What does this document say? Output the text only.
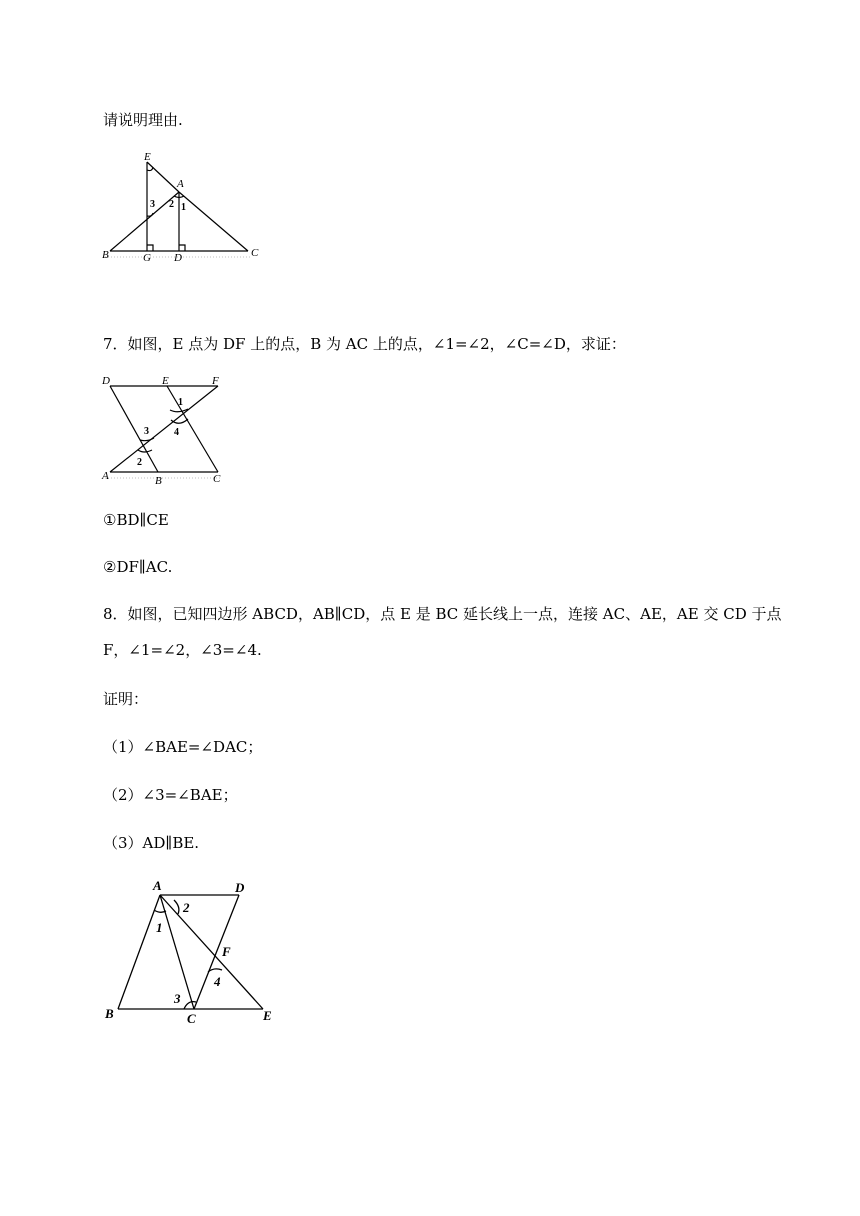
请说明理由.
E
A
B	G D	C
1
2
3
7．如图，E 点为 DF 上的点，B 为 AC 上的点，∠1=∠2，∠C=∠D，求证：
D	E	F
A	B	C
1
2
3	4
①BD∥CE
②DF∥AC.
8．如图，已知四边形 ABCD，AB∥CD，点 E 是 BC 延长线上一点，连接 AC、AE，AE 交 CD 于点
F，∠1=∠2，∠3=∠4.
证明：
（1）∠BAE=∠DAC；
（2）∠3=∠BAE；
（3）AD∥BE.
A	D
B	C	E
F
1
2
3
4
